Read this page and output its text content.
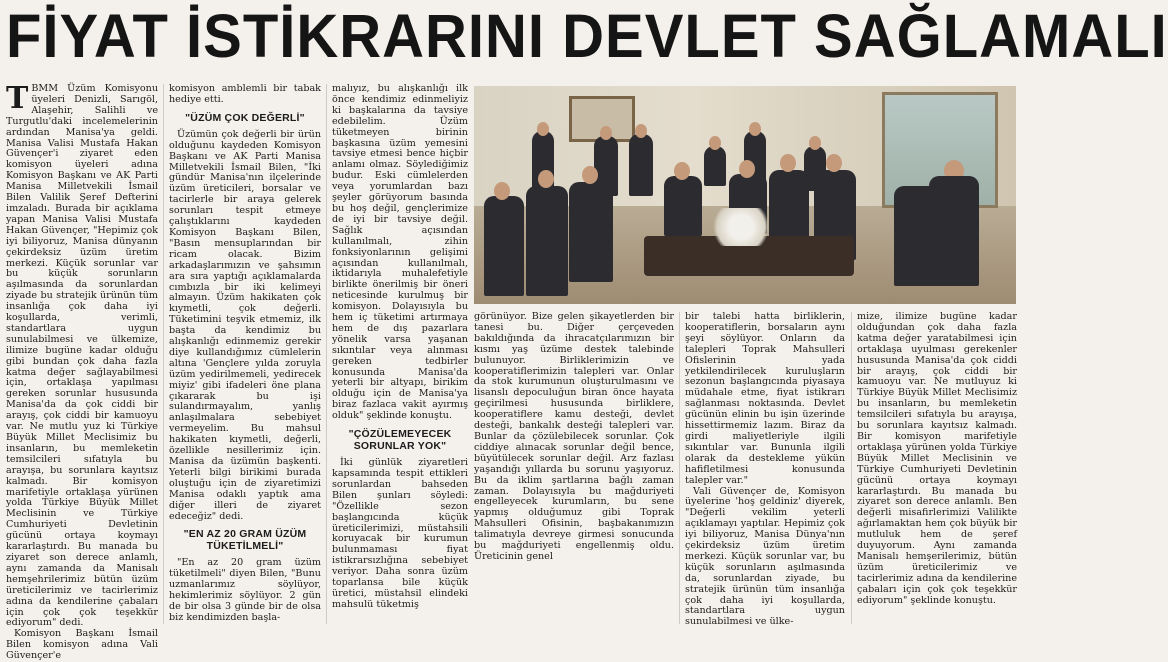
FİYAT İSTİKRARINI DEVLET SAĞLAMALI

TBMM Üzüm Komisyonu üyeleri Denizli, Sarıgöl, Alaşehir, Salihli ve Turgutlu'daki incelemelerinin ardından Manisa'ya geldi. Manisa Valisi Mustafa Hakan Güvençer'i ziyaret eden komisyon üyeleri adına Komisyon Başkanı ve AK Parti Manisa Milletvekili İsmail Bilen Valilik Şeref Defterini imzaladı. Burada bir açıklama yapan Manisa Valisi Mustafa Hakan Güvençer, "Hepimiz çok iyi biliyoruz, Manisa dünyanın çekirdeksiz üzüm üretim merkezi. Küçük sorunlar var bu küçük sorunların aşılmasında da sorunlardan ziyade bu stratejik ürünün tüm insanlığa çok daha iyi koşullarda, verimli, standartlara uygun sunulabilmesi ve ülkemize, ilimize bugüne kadar olduğu gibi bundan çok daha fazla katma değer sağlayabilmesi için, ortaklaşa yapılması gereken sorunlar hususunda Manisa'da da çok ciddi bir arayış, çok ciddi bir kamuoyu var. Ne mutlu yuz ki Türkiye Büyük Millet Meclisimiz bu insanların, bu memleketin temsilcileri sıfatıyla bu arayışa, bu sorunlara kayıtsız kalmadı. Bir komisyon marifetiyle ortaklaşa yürünen yolda Türkiye Büyük Millet Meclisinin ve Türkiye Cumhuriyeti Devletinin gücünü ortaya koymayı kararlaştırdı. Bu manada bu ziyaret son derece anlamlı, aynı zamanda da Manisalı hemşehrilerimiz bütün üzüm üreticilerimiz ve tacirlerimiz adına da kendilerine çabaları için çok çok teşekkür ediyorum" dedi.

Komisyon Başkanı İsmail Bilen komisyon adına Vali Güvençer'e

komisyon amblemli bir tabak hediye etti.

"ÜZÜM ÇOK DEĞERLİ"

Üzümün çok değerli bir ürün olduğunu kaydeden Komisyon Başkanı ve AK Parti Manisa Milletvekili İsmail Bilen, "İki gündür Manisa'nın ilçelerinde üzüm üreticileri, borsalar ve tacirlerle bir araya gelerek sorunları tespit etmeye çalıştıklarını kaydeden Komisyon Başkanı Bilen, "Basın mensuplarından bir ricam olacak. Bizim arkadaşlarımızın ve şahsımın ara sıra yaptığı açıklamalarda cımbızla bir iki kelimeyi almayın. Üzüm hakikaten çok kıymetli, çok değerli. Tüketimini teşvik etmemiz, ilk başta da kendimiz bu alışkanlığı edinmemiz gerekir diye kullandığımız cümlelerin altına 'Gençlere yılda zoruyla üzüm yedirilmemeli, yedirecek miyiz' gibi ifadeleri öne plana çıkararak bu işi sulandırmayalım, yanlış anlaşılmalara sebebiyet vermeyelim. Bu mahsul hakikaten kıymetli, değerli, özellikle nesillerimiz için. Manisa da üzümün başkenti. Yeterli bilgi birikimi burada oluştuğu için de ziyaretimizi Manisa odaklı yaptık ama diğer illeri de ziyaret edeceğiz" dedi.

"EN AZ 20 GRAM ÜZÜM TÜKETİLMELİ"

"En az 20 gram üzüm tüketilmeli" diyen Bilen, "Bunu uzmanlarımız söylüyor, hekimlerimiz söylüyor. 2 gün de bir olsa 3 günde bir de olsa biz kendimizden başla-

malıyız, bu alışkanlığı ilk önce kendimiz edinmeliyiz ki başkalarına da tavsiye edebilelim. Üzüm tüketmeyen birinin başkasına üzüm yemesini tavsiye etmesi bence hiçbir anlamı olmaz. Söylediğimiz budur. Eski cümlelerden veya yorumlardan bazı şeyler görüyorum basında bu hoş değil, gençlerimize de iyi bir tavsiye değil. Sağlık açısından kullanılmalı, zihin fonksiyonlarının gelişimi açısından kullanılmalı, iktidarıyla muhalefetiyle birlikte önerilmiş bir öneri neticesinde kurulmuş bir komisyon. Dolayısıyla bu hem iç tüketimi artırmaya hem de dış pazarlara yönelik varsa yaşanan sıkıntılar veya alınması gereken tedbirler konusunda Manisa'da yeterli bir altyapı, birikim olduğu için de Manisa'ya biraz fazlaca vakit ayırmış olduk" şeklinde konuştu.

"ÇÖZÜLEMEYECEK SORUNLAR YOK"

İki günlük ziyaretleri kapsamında tespit ettikleri sorunlardan bahseden Bilen şunları söyledi: "Özellikle sezon başlangıcında küçük üreticilerimizi, müstahsili koruyacak bir kurumun bulunmaması fiyat istikrarsızlığına sebebiyet veriyor. Daha sonra üzüm toparlansa bile küçük üretici, müstahsil elindeki mahsulü tüketmiş

görünüyor. Bize gelen şikayetlerden bir tanesi bu. Diğer çerçeveden bakıldığında da ihracatçılarımızın bir kısmı yaş üzüme destek talebinde bulunuyor. Birliklerimizin ve kooperatiflerimizin talepleri var. Onlar da stok kurumunun oluşturulmasını ve lisanslı depoculuğun biran önce hayata geçirilmesi hususunda birliklere, kooperatiflere kamu desteği, devlet desteği, bankalık desteği talepleri var. Bunlar da çözülebilecek sorunlar. Çok ciddiye alınacak sorunlar değil bence, büyütülecek sorunlar değil. Arz fazlası yaşandığı yıllarda bu sorunu yaşıyoruz. Bu da iklim şartlarına bağlı zaman zaman. Dolayısıyla bu mağduriyeti engelleyecek kurumların, bu sene yapmış olduğumuz gibi Toprak Mahsulleri Ofisinin, başbakanımızın talimatıyla devreye girmesi sonucunda bu mağduriyeti engellenmiş oldu. Üreticinin genel

bir talebi hatta birliklerin, kooperatiflerin, borsaların aynı şeyi söylüyor. Onların da talepleri Toprak Mahsulleri Ofislerinin yada yetkilendirilecek kuruluşların sezonun başlangıcında piyasaya müdahale etme, fiyat istikrarı sağlanması noktasında. Devlet gücünün elinin bu işin üzerinde hissettirmemiz lazım. Biraz da girdi maliyetleriyle ilgili sıkıntılar var. Bununla ilgili olarak da destekleme yükün hafifletilmesi konusunda talepler var."

Vali Güvençer de, Komisyon üyelerine 'hoş geldiniz' diyerek, "Değerli vekilim yeterli açıklamayı yaptılar. Hepimiz çok iyi biliyoruz, Manisa Dünya'nın çekirdeksiz üzüm üretim merkezi. Küçük sorunlar var, bu küçük sorunların aşılmasında da, sorunlardan ziyade, bu stratejik ürünün tüm insanlığa çok daha iyi koşullarda, standartlara uygun sunulabilmesi ve ülke-

mize, ilimize bugüne kadar olduğundan çok daha fazla katma değer yaratabilmesi için ortaklaşa uyulması gerekenler hususunda Manisa'da çok ciddi bir arayış, çok ciddi bir kamuoyu var. Ne mutluyuz ki Türkiye Büyük Millet Meclisimiz bu insanların, bu memleketin temsilcileri sıfatıyla bu arayışa, bu sorunlara kayıtsız kalmadı. Bir komisyon marifetiyle ortaklaşa yürünen yolda Türkiye Büyük Millet Meclisinin ve Türkiye Cumhuriyeti Devletinin gücünü ortaya koymayı kararlaştırdı. Bu manada bu ziyaret son derece anlamlı. Ben değerli misafirlerimizi Valilikte ağırlamaktan hem çok büyük bir mutluluk hem de şeref duyuyorum. Aynı zamanda Manisalı hemşerilerimiz, bütün üzüm üreticilerimiz ve tacirlerimiz adına da kendilerine çabaları için çok çok teşekkür ediyorum" şeklinde konuştu.
